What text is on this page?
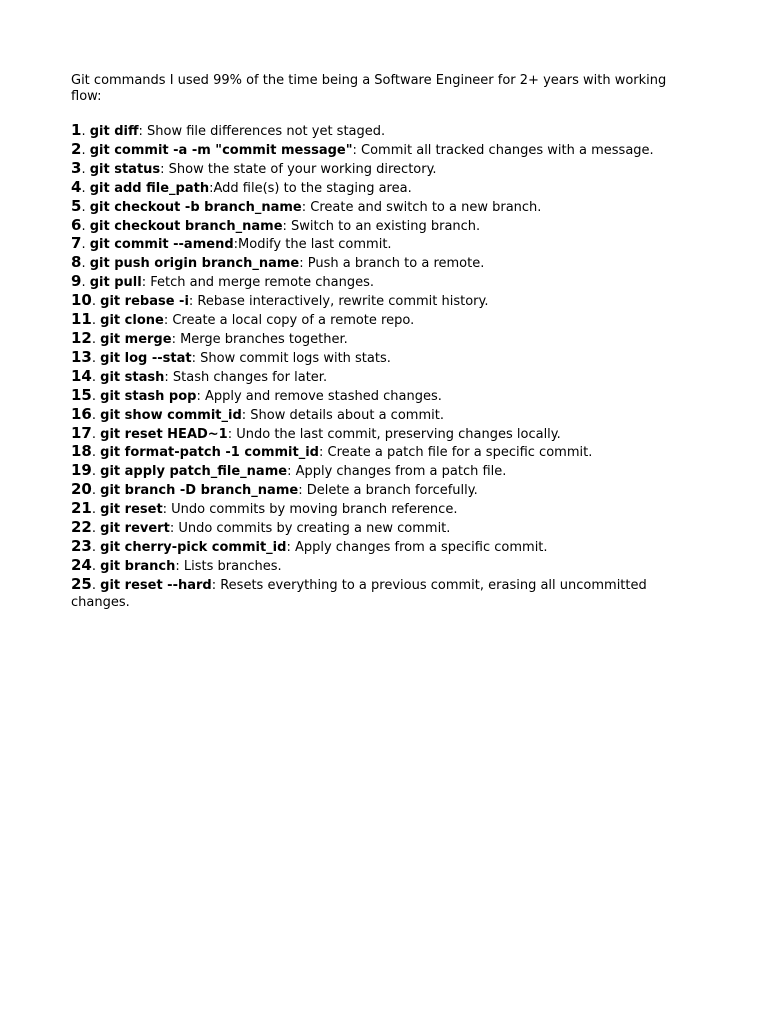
Git commands I used 99% of the time being a Software Engineer for 2+ years with working flow:

1. git diff: Show file differences not yet staged.
2. git commit -a -m "commit message": Commit all tracked changes with a message.
3. git status: Show the state of your working directory.
4. git add file_path:Add file(s) to the staging area.
5. git checkout -b branch_name: Create and switch to a new branch.
6. git checkout branch_name: Switch to an existing branch.
7. git commit --amend:Modify the last commit.
8. git push origin branch_name: Push a branch to a remote.
9. git pull: Fetch and merge remote changes.
10. git rebase -i: Rebase interactively, rewrite commit history.
11. git clone: Create a local copy of a remote repo.
12. git merge: Merge branches together.
13. git log --stat: Show commit logs with stats.
14. git stash: Stash changes for later.
15. git stash pop: Apply and remove stashed changes.
16. git show commit_id: Show details about a commit.
17. git reset HEAD~1: Undo the last commit, preserving changes locally.
18. git format-patch -1 commit_id: Create a patch file for a specific commit.
19. git apply patch_file_name: Apply changes from a patch file.
20. git branch -D branch_name: Delete a branch forcefully.
21. git reset: Undo commits by moving branch reference.
22. git revert: Undo commits by creating a new commit.
23. git cherry-pick commit_id: Apply changes from a specific commit.
24. git branch: Lists branches.
25. git reset --hard: Resets everything to a previous commit, erasing all uncommitted changes.
